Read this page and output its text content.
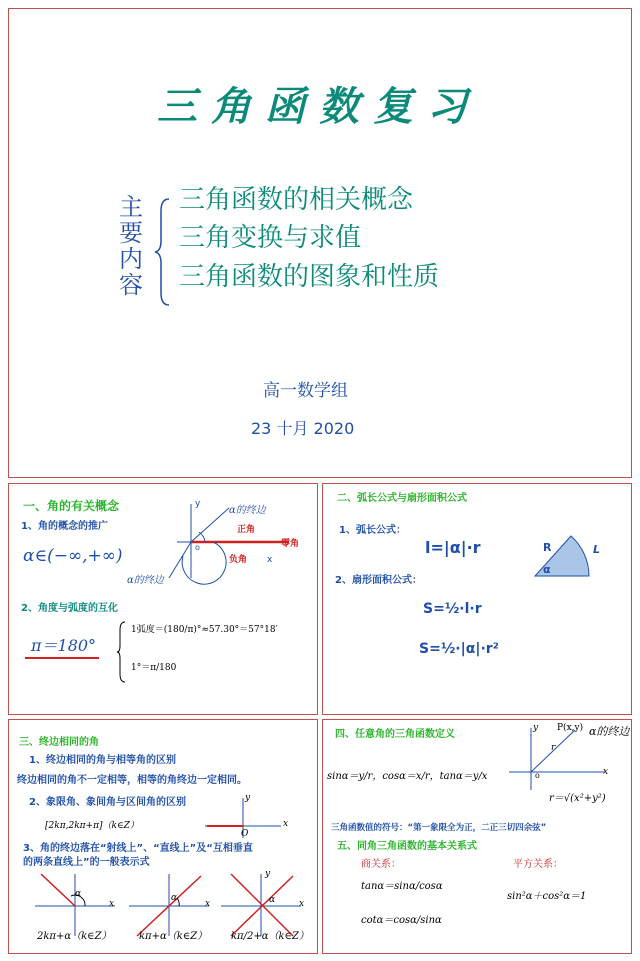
三角函数复习
主
要
内
容
三角函数的相关概念
三角变换与求值
三角函数的图象和性质
高一数学组
23 十月 2020
一、角的有关概念
1、角的概念的推广
α∈(−∞,+∞)
y
x
o
α的终边
正角
零角
负角
α的终边
2、角度与弧度的互化
π＝180°
1弧度＝(180/π)°≈57.30°＝57°18′
1°＝π/180
二、弧长公式与扇形面积公式
1、弧长公式：
l=|α|·r
2、扇形面积公式：
S=½·l·r
S=½·|α|·r²
R	L
α
三、终边相同的角
1、终边相同的角与相等角的区别
终边相同的角不一定相等，相等的角终边一定相同。
2、象限角、象间角与区间角的区别
[2kπ,2kπ+π]（k∈Z）
y
x
O
3、角的终边落在“射线上”、“直线上”及“互相垂直
的两条直线上”的一般表示式
α
x
2kπ+α（k∈Z）
α
x
kπ+α（k∈Z）
y
α	x
kπ/2+α（k∈Z）
四、任意角的三角函数定义
sinα＝y/r，cosα＝x/r，tanα＝y/x
P(x,y) α的终边
r
y
x
o
r＝√(x²+y²)
三角函数值的符号：“第一象限全为正，二正三切四余弦”
五、同角三角函数的基本关系式
商关系：	平方关系：
tanα＝sinα/cosα
sin²α＋cos²α＝1
cotα＝cosα/sinα
